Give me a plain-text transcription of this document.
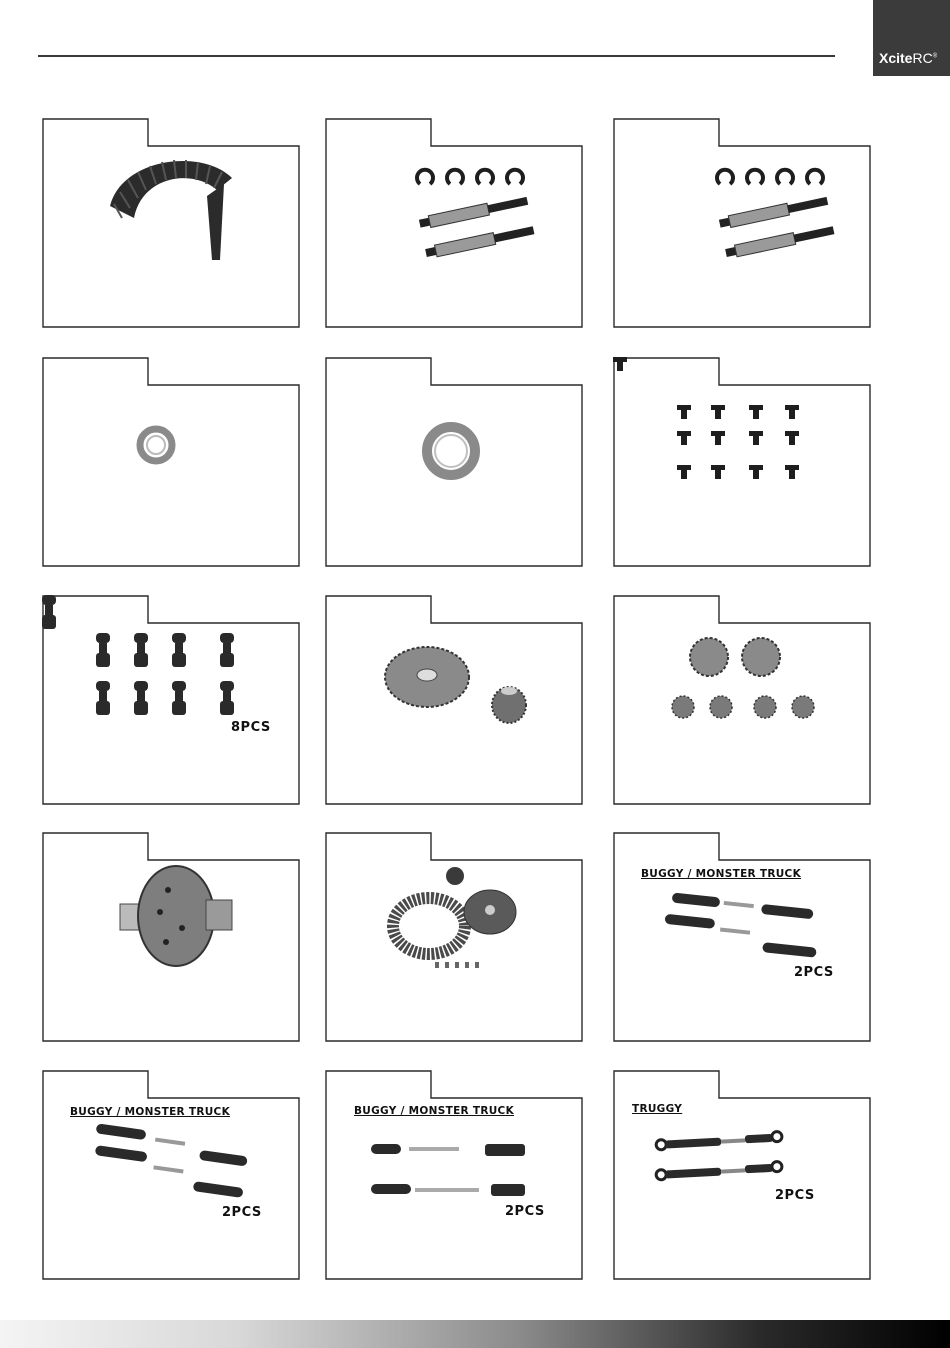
XciteRC®
8PCS
BUGGY / MONSTER TRUCK
2PCS
BUGGY / MONSTER TRUCK
2PCS
BUGGY / MONSTER TRUCK
2PCS
TRUGGY
2PCS
